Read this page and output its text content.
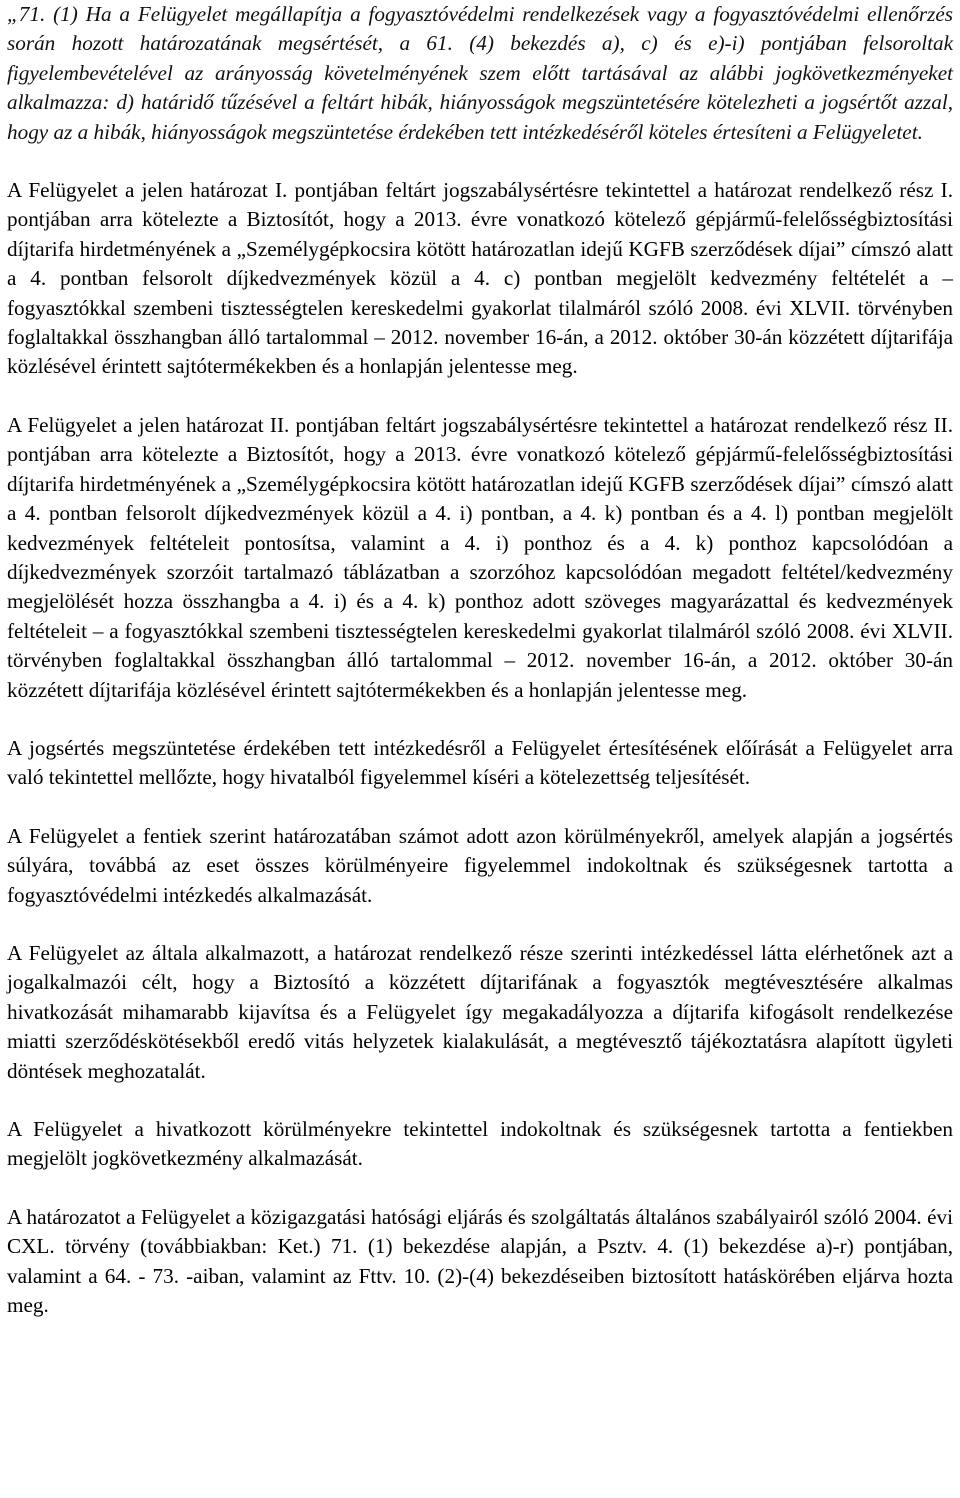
„71. (1) Ha a Felügyelet megállapítja a fogyasztóvédelmi rendelkezések vagy a fogyasztóvédelmi ellenőrzés során hozott határozatának megsértését, a 61. (4) bekezdés a), c) és e)-i) pontjában felsoroltak figyelembevételével az arányosság követelményének szem előtt tartásával az alábbi jogkövetkezményeket alkalmazza: d) határidő tűzésével a feltárt hibák, hiányosságok megszüntetésére kötelezheti a jogsértőt azzal, hogy az a hibák, hiányosságok megszüntetése érdekében tett intézkedéséről köteles értesíteni a Felügyeletet.

A Felügyelet a jelen határozat I. pontjában feltárt jogszabálysértésre tekintettel a határozat rendelkező rész I. pontjában arra kötelezte a Biztosítót, hogy a 2013. évre vonatkozó kötelező gépjármű-felelősségbiztosítási díjtarifa hirdetményének a „Személygépkocsira kötött határozatlan idejű KGFB szerződések díjai” címszó alatt a 4. pontban felsorolt díjkedvezmények közül a 4. c) pontban megjelölt kedvezmény feltételét a – fogyasztókkal szembeni tisztességtelen kereskedelmi gyakorlat tilalmáról szóló 2008. évi XLVII. törvényben foglaltakkal összhangban álló tartalommal – 2012. november 16-án, a 2012. október 30-án közzétett díjtarifája közlésével érintett sajtótermékekben és a honlapján jelentesse meg.

A Felügyelet a jelen határozat II. pontjában feltárt jogszabálysértésre tekintettel a határozat rendelkező rész II. pontjában arra kötelezte a Biztosítót, hogy a 2013. évre vonatkozó kötelező gépjármű-felelősségbiztosítási díjtarifa hirdetményének a „Személygépkocsira kötött határozatlan idejű KGFB szerződések díjai” címszó alatt a 4. pontban felsorolt díjkedvezmények közül a 4. i) pontban, a 4. k) pontban és a 4. l) pontban megjelölt kedvezmények feltételeit pontosítsa, valamint a 4. i) ponthoz és a 4. k) ponthoz kapcsolódóan a díjkedvezmények szorzóit tartalmazó táblázatban a szorzóhoz kapcsolódóan megadott feltétel/kedvezmény megjelölését hozza összhangba a 4. i) és a 4. k) ponthoz adott szöveges magyarázattal és kedvezmények feltételeit – a fogyasztókkal szembeni tisztességtelen kereskedelmi gyakorlat tilalmáról szóló 2008. évi XLVII. törvényben foglaltakkal összhangban álló tartalommal – 2012. november 16-án, a 2012. október 30-án közzétett díjtarifája közlésével érintett sajtótermékekben és a honlapján jelentesse meg.

A jogsértés megszüntetése érdekében tett intézkedésről a Felügyelet értesítésének előírását a Felügyelet arra való tekintettel mellőzte, hogy hivatalból figyelemmel kíséri a kötelezettség teljesítését.

A Felügyelet a fentiek szerint határozatában számot adott azon körülményekről, amelyek alapján a jogsértés súlyára, továbbá az eset összes körülményeire figyelemmel indokoltnak és szükségesnek tartotta a fogyasztóvédelmi intézkedés alkalmazását.

A Felügyelet az általa alkalmazott, a határozat rendelkező része szerinti intézkedéssel látta elérhetőnek azt a jogalkalmazói célt, hogy a Biztosító a közzétett díjtarifának a fogyasztók megtévesztésére alkalmas hivatkozását mihamarabb kijavítsa és a Felügyelet így megakadályozza a díjtarifa kifogásolt rendelkezése miatti szerződéskötésekből eredő vitás helyzetek kialakulását, a megtévesztő tájékoztatásra alapított ügyleti döntések meghozatalát.

A Felügyelet a hivatkozott körülményekre tekintettel indokoltnak és szükségesnek tartotta a fentiekben megjelölt jogkövetkezmény alkalmazását.

A határozatot a Felügyelet a közigazgatási hatósági eljárás és szolgáltatás általános szabályairól szóló 2004. évi CXL. törvény (továbbiakban: Ket.) 71. (1) bekezdése alapján, a Psztv. 4. (1) bekezdése a)-r) pontjában, valamint a 64. - 73. -aiban, valamint az Fttv. 10. (2)-(4) bekezdéseiben biztosított hatáskörében eljárva hozta meg.
